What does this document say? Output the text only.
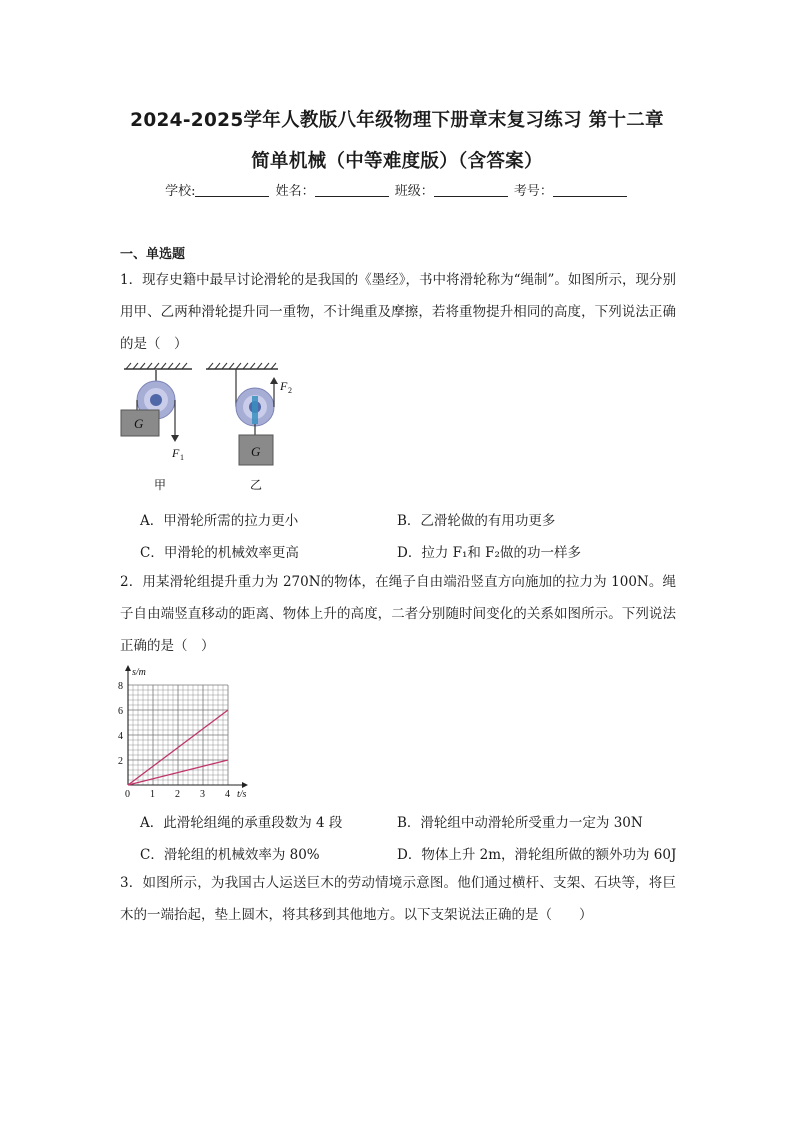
2024-2025学年人教版八年级物理下册章末复习练习 第十二章
简单机械（中等难度版）（含答案）
学校:	姓名：	班级：	考号：
一、单选题
1．现存史籍中最早讨论滑轮的是我国的《墨经》，书中将滑轮称为“绳制”。如图所示，现分别用甲、乙两种滑轮提升同一重物，不计绳重及摩擦，若将重物提升相同的高度，下列说法正确的是（　）
G
G
F 1
F 2
甲	乙
A．甲滑轮所需的拉力更小	B．乙滑轮做的有用功更多
C．甲滑轮的机械效率更高	D．拉力 F₁和 F₂做的功一样多
2．用某滑轮组提升重力为 270N的物体，在绳子自由端沿竖直方向施加的拉力为 100N。绳子自由端竖直移动的距离、物体上升的高度，二者分别随时间变化的关系如图所示。下列说法正确的是（　）
0 1 2 3 4
2
4
6
8
t/s
s/m
A．此滑轮组绳的承重段数为 4 段	B．滑轮组中动滑轮所受重力一定为 30N
C．滑轮组的机械效率为 80%	D．物体上升 2m，滑轮组所做的额外功为 60J
3．如图所示，为我国古人运送巨木的劳动情境示意图。他们通过横杆、支架、石块等，将巨木的一端抬起，垫上圆木，将其移到其他地方。以下支架说法正确的是（　　）
